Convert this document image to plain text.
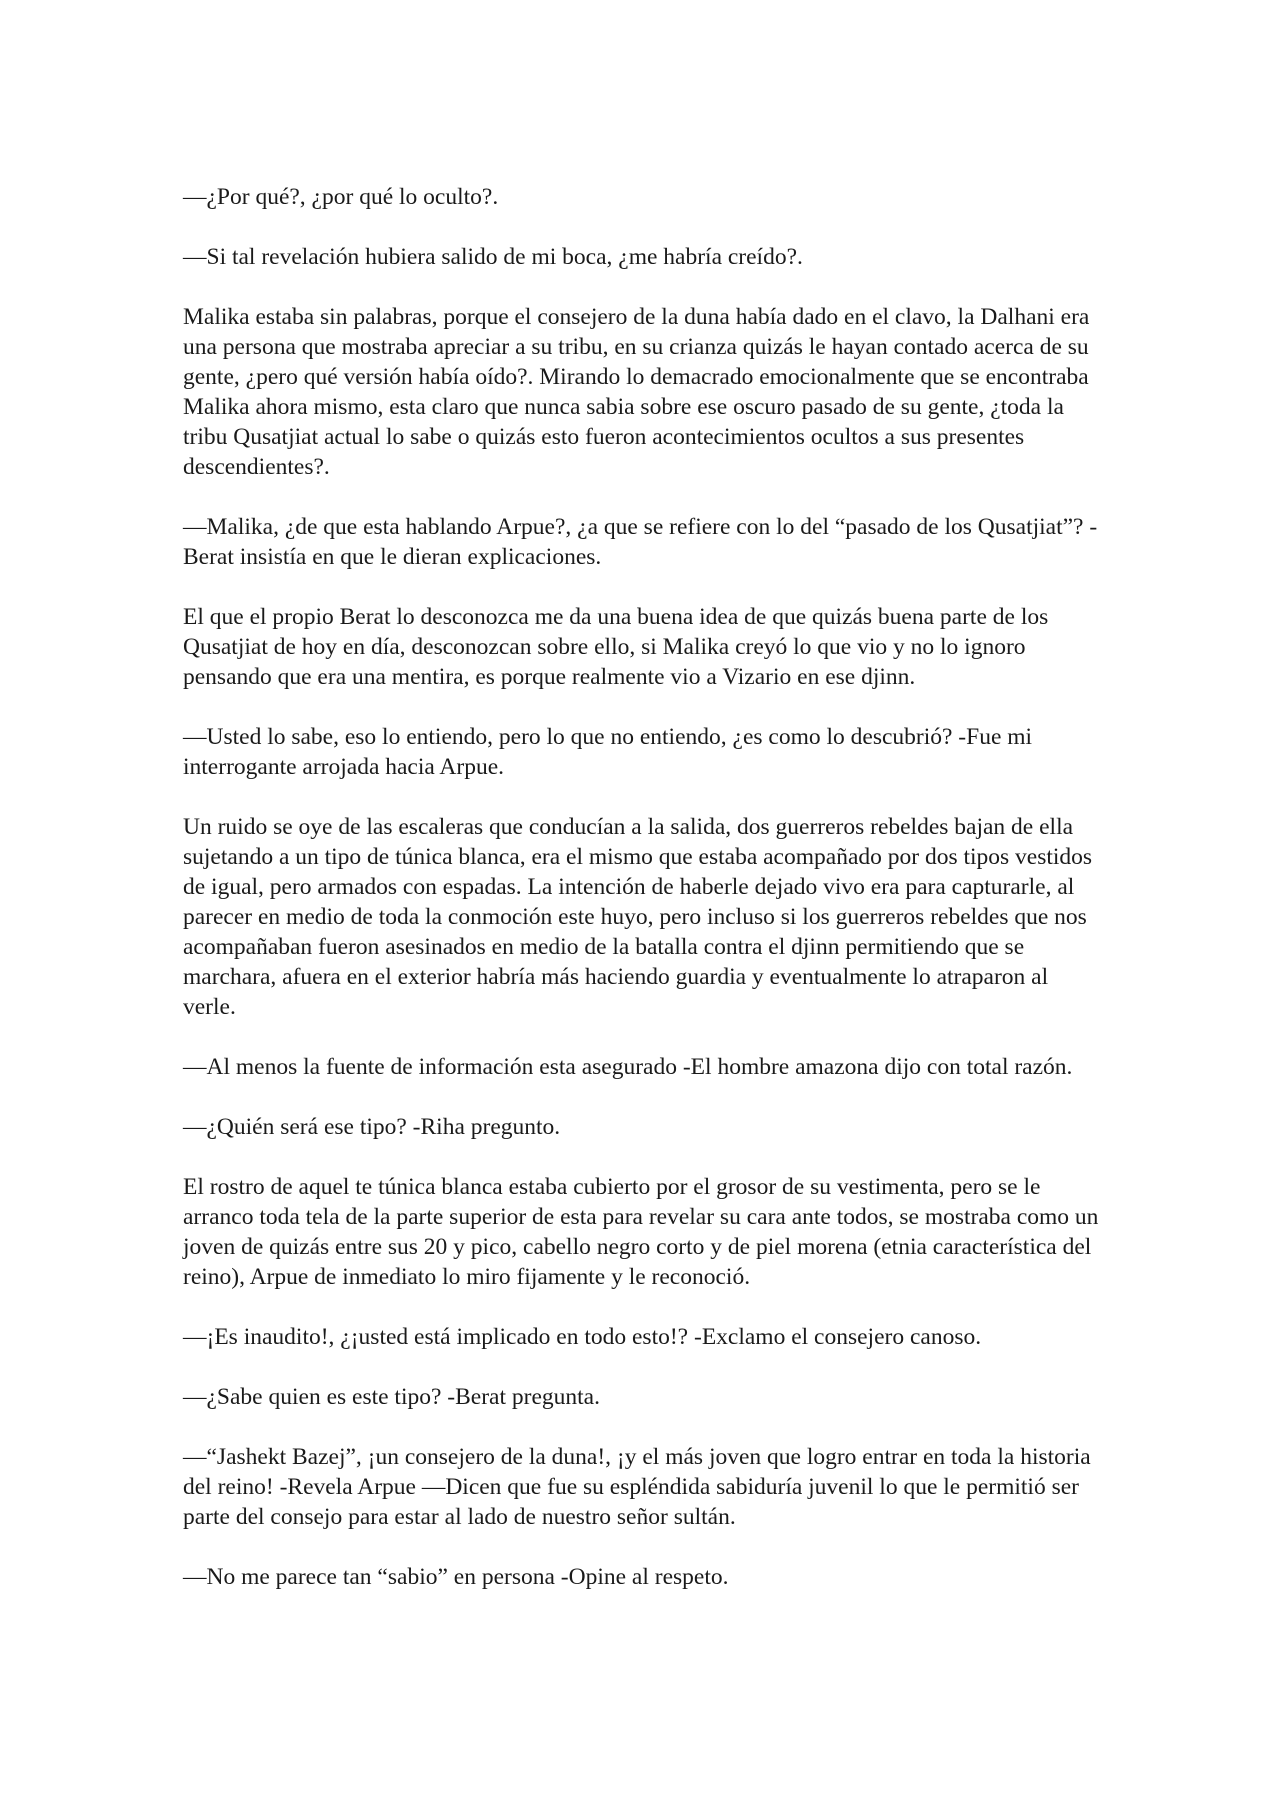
—¿Por qué?, ¿por qué lo oculto?.

—Si tal revelación hubiera salido de mi boca, ¿me habría creído?.

Malika estaba sin palabras, porque el consejero de la duna había dado en el clavo, la Dalhani era una persona que mostraba apreciar a su tribu, en su crianza quizás le hayan contado acerca de su gente, ¿pero qué versión había oído?. Mirando lo demacrado emocionalmente que se encontraba Malika ahora mismo, esta claro que nunca sabia sobre ese oscuro pasado de su gente, ¿toda la tribu Qusatjiat actual lo sabe o quizás esto fueron acontecimientos ocultos a sus presentes descendientes?.

—Malika, ¿de que esta hablando Arpue?, ¿a que se refiere con lo del “pasado de los Qusatjiat”? -Berat insistía en que le dieran explicaciones.

El que el propio Berat lo desconozca me da una buena idea de que quizás buena parte de los Qusatjiat de hoy en día, desconozcan sobre ello, si Malika creyó lo que vio y no lo ignoro pensando que era una mentira, es porque realmente vio a Vizario en ese djinn.

—Usted lo sabe, eso lo entiendo, pero lo que no entiendo, ¿es como lo descubrió? -Fue mi interrogante arrojada hacia Arpue.

Un ruido se oye de las escaleras que conducían a la salida, dos guerreros rebeldes bajan de ella sujetando a un tipo de túnica blanca, era el mismo que estaba acompañado por dos tipos vestidos de igual, pero armados con espadas. La intención de haberle dejado vivo era para capturarle, al parecer en medio de toda la conmoción este huyo, pero incluso si los guerreros rebeldes que nos acompañaban fueron asesinados en medio de la batalla contra el djinn permitiendo que se marchara, afuera en el exterior habría más haciendo guardia y eventualmente lo atraparon al verle.

—Al menos la fuente de información esta asegurado -El hombre amazona dijo con total razón.

—¿Quién será ese tipo? -Riha pregunto.

El rostro de aquel te túnica blanca estaba cubierto por el grosor de su vestimenta, pero se le arranco toda tela de la parte superior de esta para revelar su cara ante todos, se mostraba como un joven de quizás entre sus 20 y pico, cabello negro corto y de piel morena (etnia característica del reino), Arpue de inmediato lo miro fijamente y le reconoció.

—¡Es inaudito!, ¿¡usted está implicado en todo esto!? -Exclamo el consejero canoso.

—¿Sabe quien es este tipo? -Berat pregunta.

—“Jashekt Bazej”, ¡un consejero de la duna!, ¡y el más joven que logro entrar en toda la historia del reino! -Revela Arpue —Dicen que fue su espléndida sabiduría juvenil lo que le permitió ser parte del consejo para estar al lado de nuestro señor sultán.

—No me parece tan “sabio” en persona -Opine al respeto.
